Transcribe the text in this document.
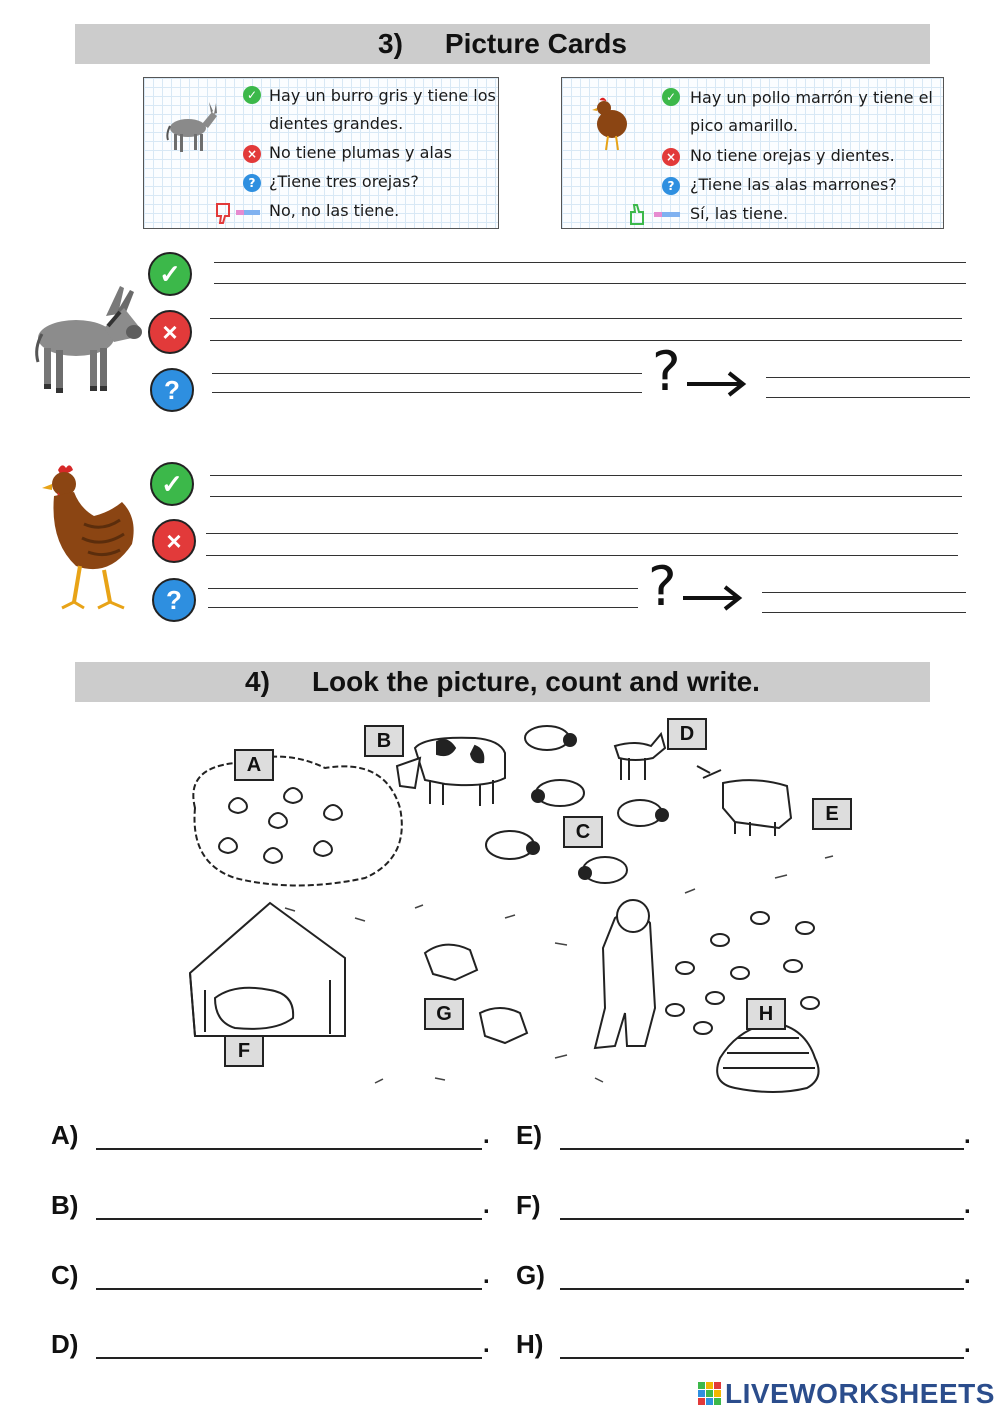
3) Picture Cards
✓ Hay un burro gris y tiene los
dientes grandes.
× No tiene plumas y alas
? ¿Tiene tres orejas?
No, no las tiene.
✓ Hay un pollo marrón y tiene el
pico amarillo.
× No tiene orejas y dientes.
? ¿Tiene las alas marrones?
Sí, las tiene.
✓
×
?	?
✓
×
?	?
4) Look the picture, count and write.
A
B
C
D
E
F
G	H
A)	.
B)	.
C)	.
D)	.
E)	.
F)	.
G)	.
H)	.
LIVEWORKSHEETS
